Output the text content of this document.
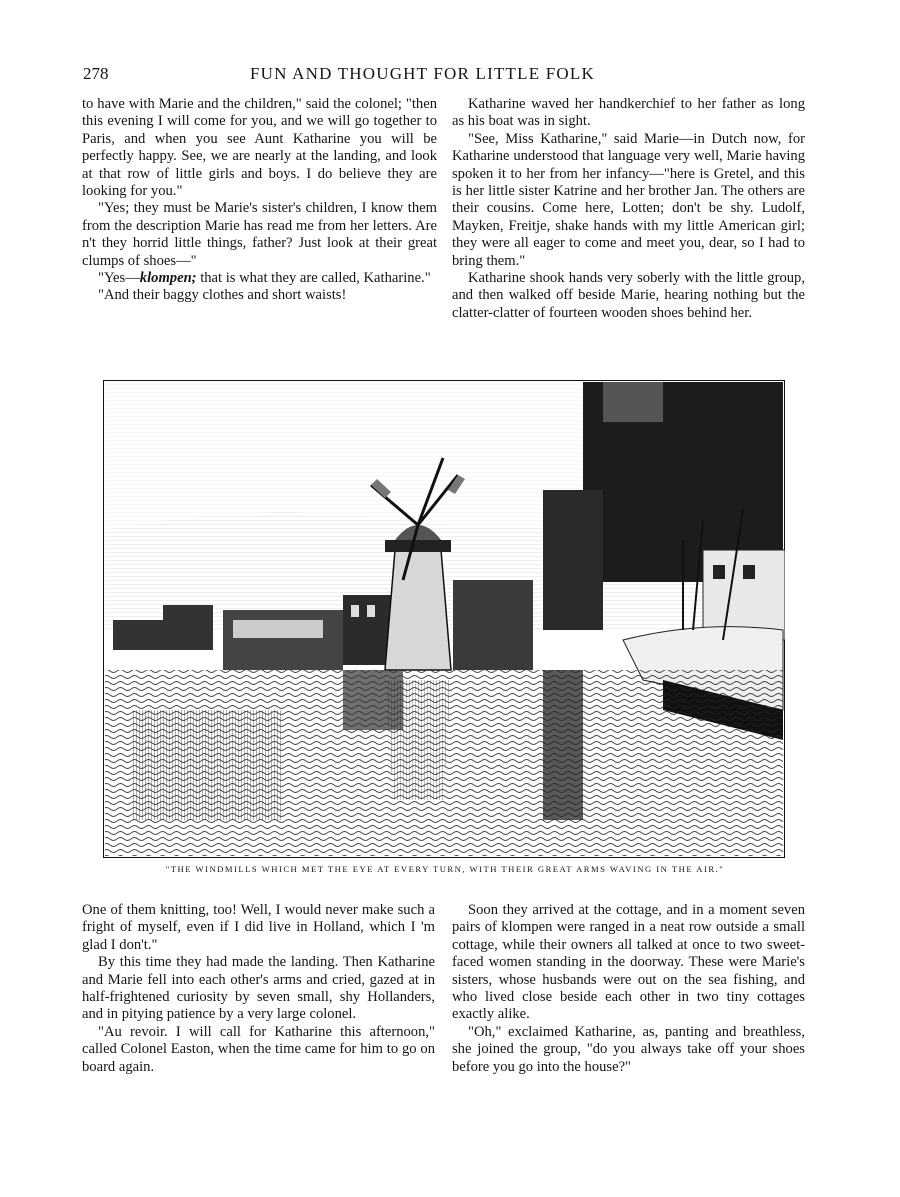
278	FUN AND THOUGHT FOR LITTLE FOLK

to have with Marie and the children," said the colonel; "then this evening I will come for you, and we will go together to Paris, and when you see Aunt Katharine you will be perfectly happy. See, we are nearly at the landing, and look at that row of little girls and boys. I do believe they are looking for you."

"Yes; they must be Marie's sister's children, I know them from the description Marie has read me from her letters. Are n't they horrid little things, father? Just look at their great clumps of shoes—"

"Yes—klompen; that is what they are called, Katharine."

"And their baggy clothes and short waists!

Katharine waved her handkerchief to her father as long as his boat was in sight.

"See, Miss Katharine," said Marie—in Dutch now, for Katharine understood that language very well, Marie having spoken it to her from her infancy—"here is Gretel, and this is her little sister Katrine and her brother Jan. The others are their cousins. Come here, Lotten; don't be shy. Ludolf, Mayken, Freitje, shake hands with my little American girl; they were all eager to come and meet you, dear, so I had to bring them."

Katharine shook hands very soberly with the little group, and then walked off beside Marie, hearing nothing but the clatter-clatter of fourteen wooden shoes behind her.

"THE WINDMILLS WHICH MET THE EYE AT EVERY TURN, WITH THEIR GREAT ARMS WAVING IN THE AIR."

One of them knitting, too! Well, I would never make such a fright of myself, even if I did live in Holland, which I 'm glad I don't."

By this time they had made the landing. Then Katharine and Marie fell into each other's arms and cried, gazed at in half-frightened curiosity by seven small, shy Hollanders, and in pitying patience by a very large colonel.

"Au revoir. I will call for Katharine this afternoon," called Colonel Easton, when the time came for him to go on board again.

Soon they arrived at the cottage, and in a moment seven pairs of klompen were ranged in a neat row outside a small cottage, while their owners all talked at once to two sweet-faced women standing in the doorway. These were Marie's sisters, whose husbands were out on the sea fishing, and who lived close beside each other in two tiny cottages exactly alike.

"Oh," exclaimed Katharine, as, panting and breathless, she joined the group, "do you always take off your shoes before you go into the house?"
